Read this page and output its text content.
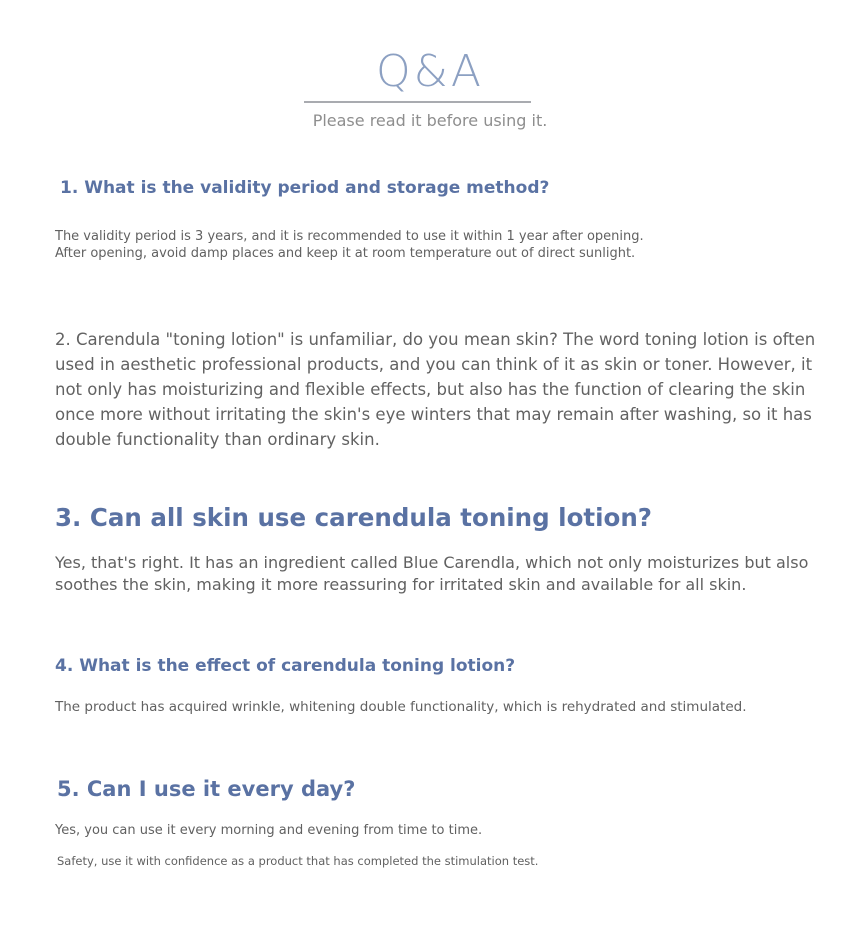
Q&A

Please read it before using it.

1. What is the validity period and storage method?

The validity period is 3 years, and it is recommended to use it within 1 year after opening. After opening, avoid damp places and keep it at room temperature out of direct sunlight.

2. Carendula "toning lotion" is unfamiliar, do you mean skin? The word toning lotion is often used in aesthetic professional products, and you can think of it as skin or toner. However, it not only has moisturizing and flexible effects, but also has the function of clearing the skin once more without irritating the skin's eye winters that may remain after washing, so it has double functionality than ordinary skin.

3. Can all skin use carendula toning lotion?

Yes, that's right. It has an ingredient called Blue Carendla, which not only moisturizes but also soothes the skin, making it more reassuring for irritated skin and available for all skin.

4. What is the effect of carendula toning lotion?

The product has acquired wrinkle, whitening double functionality, which is rehydrated and stimulated.

5. Can I use it every day?

Yes, you can use it every morning and evening from time to time.

Safety, use it with confidence as a product that has completed the stimulation test.
